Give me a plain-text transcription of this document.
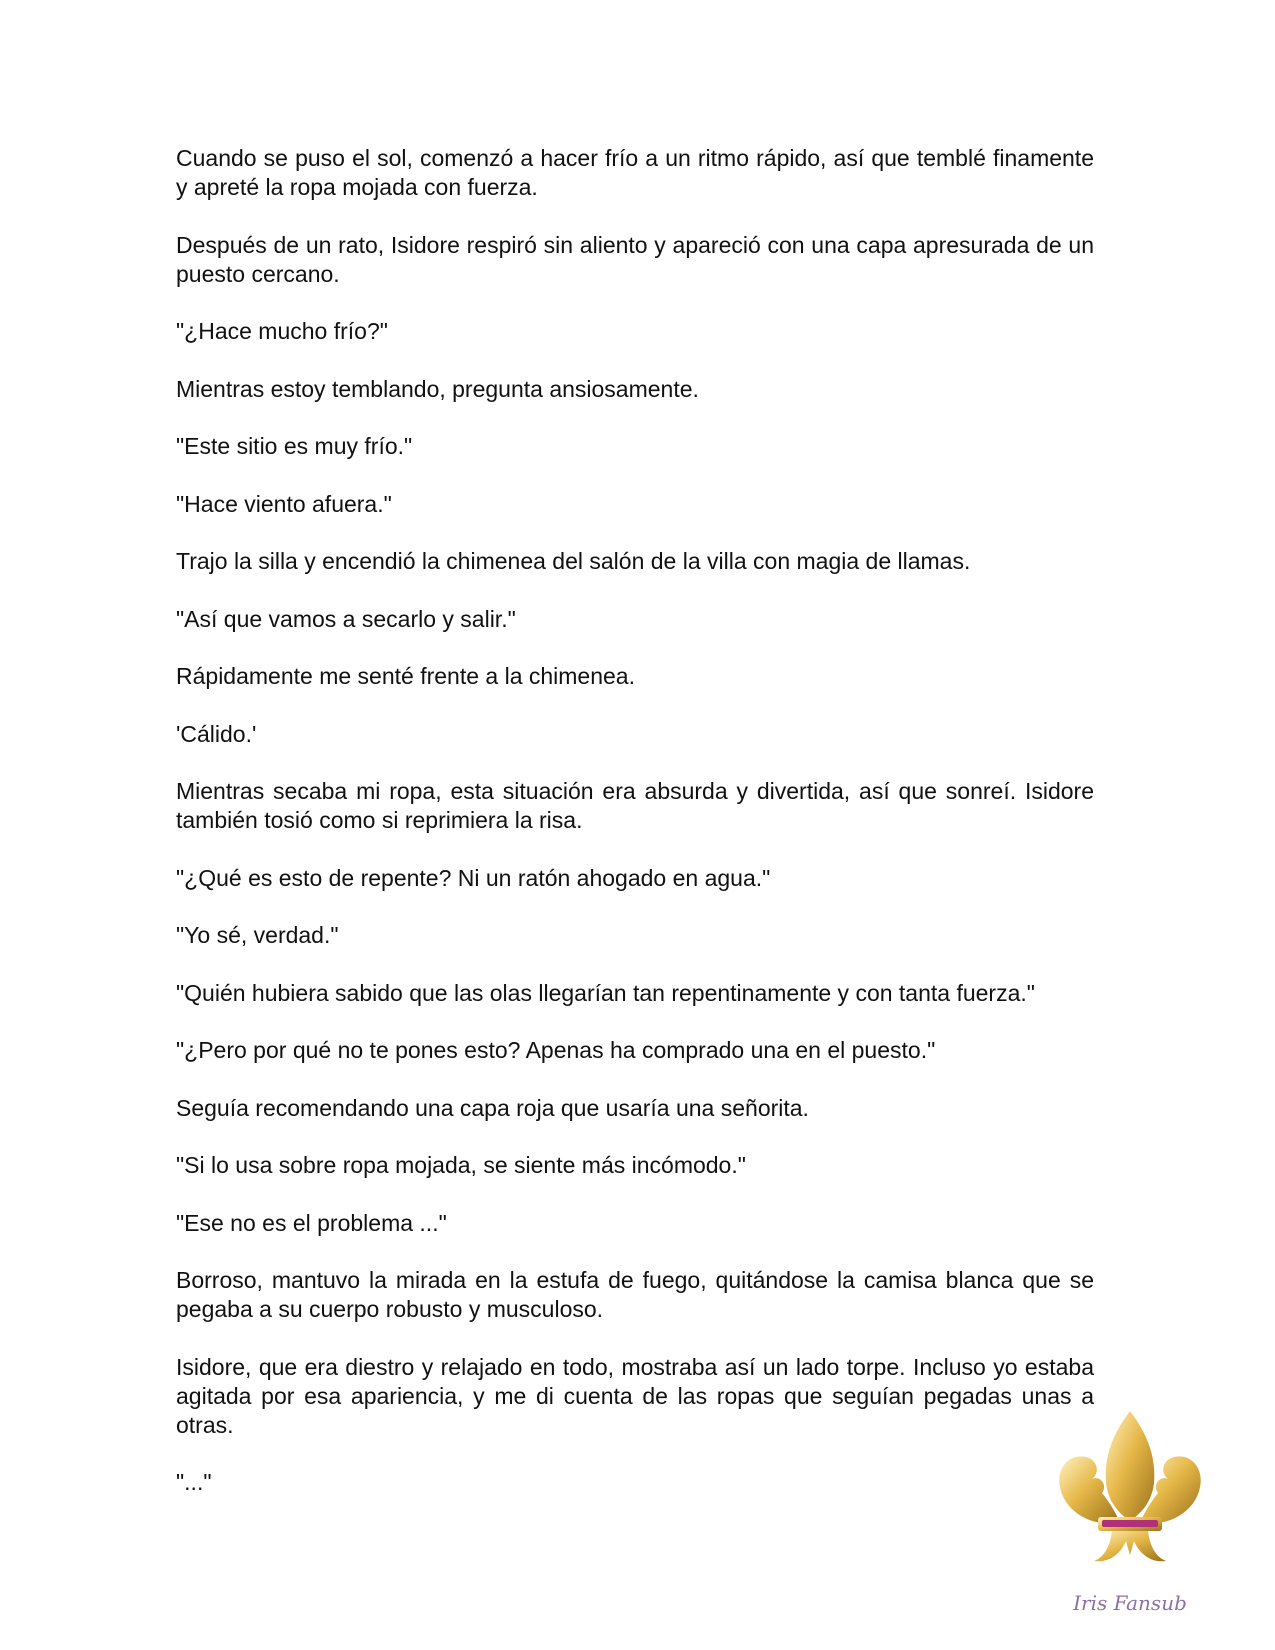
Cuando se puso el sol, comenzó a hacer frío a un ritmo rápido, así que temblé finamente y apreté la ropa mojada con fuerza.

Después de un rato, Isidore respiró sin aliento y apareció con una capa apresurada de un puesto cercano.

"¿Hace mucho frío?"

Mientras estoy temblando, pregunta ansiosamente.

"Este sitio es muy frío."

"Hace viento afuera."

Trajo la silla y encendió la chimenea del salón de la villa con magia de llamas.

"Así que vamos a secarlo y salir."

Rápidamente me senté frente a la chimenea.

'Cálido.'

Mientras secaba mi ropa, esta situación era absurda y divertida, así que sonreí. Isidore también tosió como si reprimiera la risa.

"¿Qué es esto de repente? Ni un ratón ahogado en agua."

"Yo sé, verdad."

"Quién hubiera sabido que las olas llegarían tan repentinamente y con tanta fuerza."

"¿Pero por qué no te pones esto? Apenas ha comprado una en el puesto."

Seguía recomendando una capa roja que usaría una señorita.

"Si lo usa sobre ropa mojada, se siente más incómodo."

"Ese no es el problema ..."

Borroso, mantuvo la mirada en la estufa de fuego, quitándose la camisa blanca que se pegaba a su cuerpo robusto y musculoso.

Isidore, que era diestro y relajado en todo, mostraba así un lado torpe. Incluso yo estaba agitada por esa apariencia, y me di cuenta de las ropas que seguían pegadas unas a otras.

"..."

Iris Fansub
